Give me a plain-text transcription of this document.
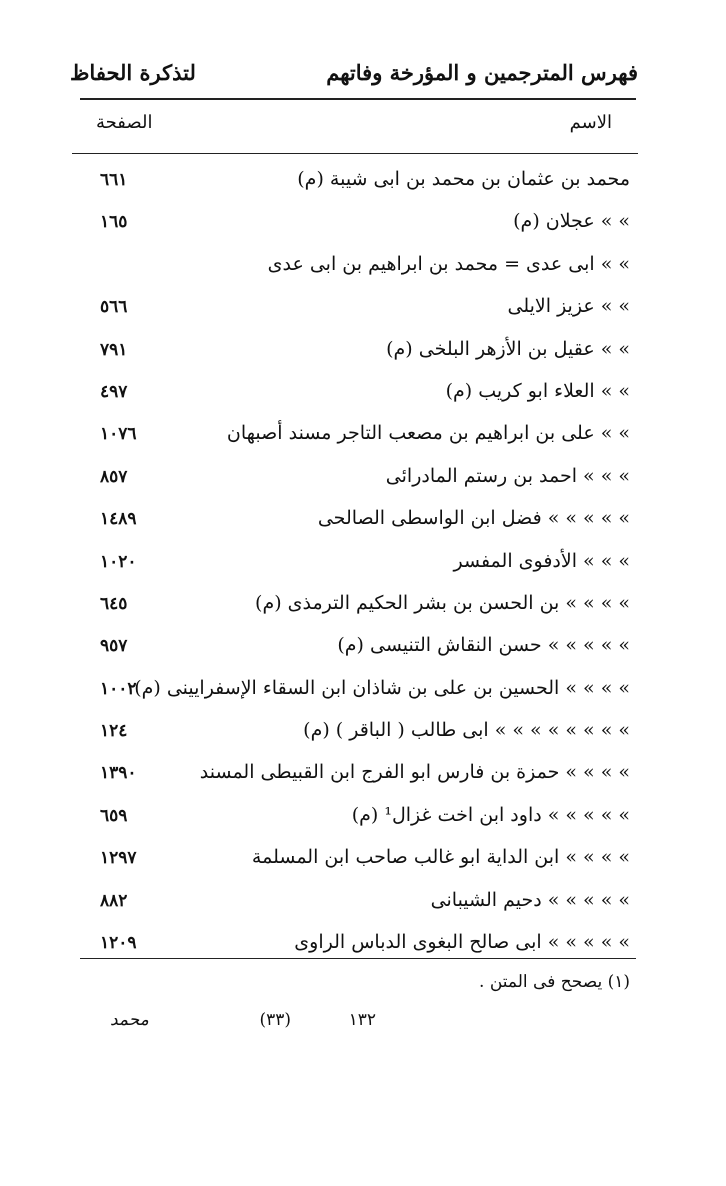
فهرس المترجمين و المؤرخة وفاتهم
لتذكرة الحفاظ
الاسم
الصفحة
محمد بن عثمان بن محمد بن ابى شيبة (م)
٦٦١
» » عجلان (م)
١٦٥
» » ابى عدى = محمد بن ابراهيم بن ابى عدى
» » عزيز الايلى
٥٦٦
» » عقيل بن الأزهر البلخى (م)
٧٩١
» » العلاء ابو كريب (م)
٤٩٧
» » على بن ابراهيم بن مصعب التاجر مسند أصبهان
١٠٧٦
» » » احمد بن رستم المادرائى
٨٥٧
» » » » » فضل ابن الواسطى الصالحى
١٤٨٩
» » » الأدفوى المفسر
١٠٢٠
» » » » بن الحسن بن بشر الحكيم الترمذى (م)
٦٤٥
» » » » » حسن النقاش التنيسى (م)
٩٥٧
» » » » الحسين بن على بن شاذان ابن السقاء الإسفرايينى (م)
١٠٠٢
» » » » » » » » ابى طالب ( الباقر ) (م)
١٢٤
» » » » حمزة بن فارس ابو الفرج ابن القبيطى المسند
١٣٩٠
» » » » » داود ابن اخت غزال¹ (م)
٦٥٩
» » » » ابن الداية ابو غالب صاحب ابن المسلمة
١٢٩٧
» » » » » دحيم الشيبانى
٨٨٢
» » » » » ابى صالح البغوى الدباس الراوى
١٢٠٩
(١) يصحح فى المتن .
١٣٢
(٣٣)
محمد
